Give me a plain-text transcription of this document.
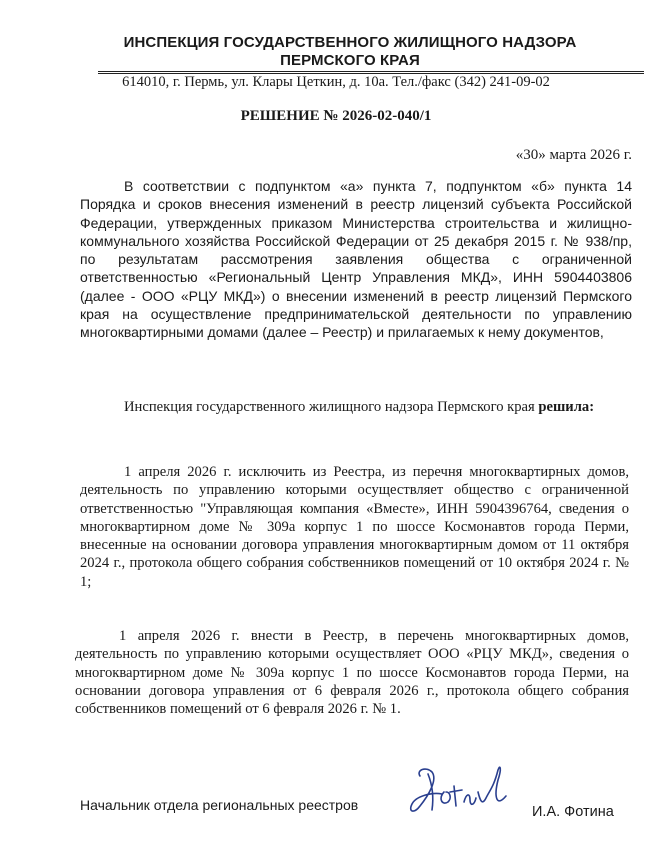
ИНСПЕКЦИЯ ГОСУДАРСТВЕННОГО ЖИЛИЩНОГО НАДЗОРА
ПЕРМСКОГО КРАЯ
614010, г. Пермь, ул. Клары Цеткин, д. 10а. Тел./факс (342) 241-09-02
РЕШЕНИЕ № 2026-02-040/1
«30» марта 2026 г.
В соответствии с подпунктом «а» пункта 7, подпунктом «б» пункта 14 Порядка и сроков внесения изменений в реестр лицензий субъекта Российской Федерации, утвержденных приказом Министерства строительства и жилищно-коммунального хозяйства Российской Федерации от 25 декабря 2015 г. № 938/пр, по результатам рассмотрения заявления общества с ограниченной ответственностью «Региональный Центр Управления МКД», ИНН 5904403806 (далее - ООО «РЦУ МКД») о внесении изменений в реестр лицензий Пермского края на осуществление предпринимательской деятельности по управлению многоквартирными домами (далее – Реестр) и прилагаемых к нему документов,
Инспекция государственного жилищного надзора Пермского края решила:
1 апреля 2026 г. исключить из Реестра, из перечня многоквартирных домов, деятельность по управлению которыми осуществляет общество с ограниченной ответственностью "Управляющая компания «Вместе», ИНН 5904396764, сведения о многоквартирном доме № 309а корпус 1 по шоссе Космонавтов города Перми, внесенные на основании договора управления многоквартирным домом от 11 октября 2024 г., протокола общего собрания собственников помещений от 10 октября 2024 г. № 1;
1 апреля 2026 г. внести в Реестр, в перечень многоквартирных домов, деятельность по управлению которыми осуществляет ООО «РЦУ МКД», сведения о многоквартирном доме № 309а корпус 1 по шоссе Космонавтов города Перми, на основании договора управления от 6 февраля 2026 г., протокола общего собрания собственников помещений от 6 февраля 2026 г. № 1.
Начальник отдела региональных реестров	И.А. Фотина
